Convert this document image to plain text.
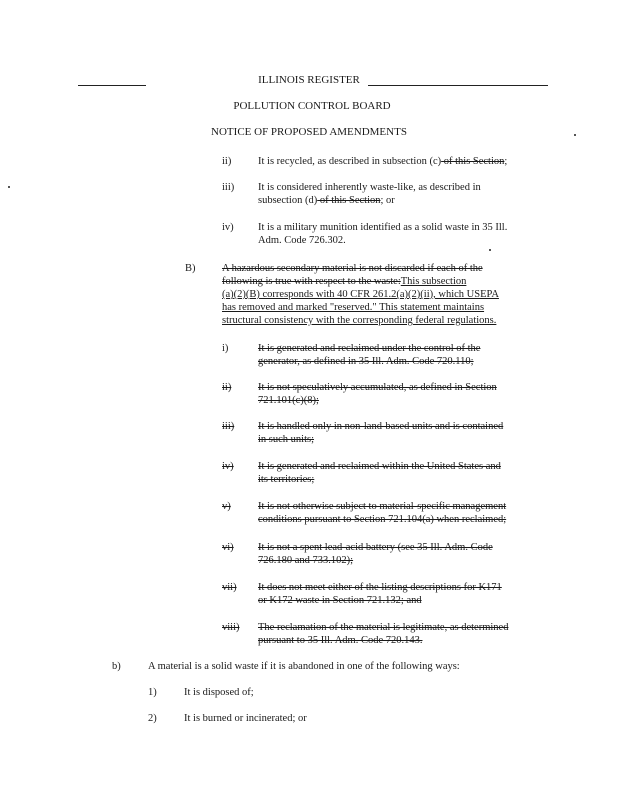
ILLINOIS REGISTER
POLLUTION CONTROL BOARD
NOTICE OF PROPOSED AMENDMENTS
ii)	It is recycled, as described in subsection (c) of this Section;
iii) It is considered inherently waste-like, as described in
subsection (d) of this Section; or
iv) It is a military munition identified as a solid waste in 35 Ill.
Adm. Code 726.302.
B)	A hazardous secondary material is not discarded if each of the
following is true with respect to the waste:This subsection
(a)(2)(B) corresponds with 40 CFR 261.2(a)(2)(ii), which USEPA
has removed and marked "reserved." This statement maintains
structural consistency with the corresponding federal regulations.
i)	It is generated and reclaimed under the control of the
generator, as defined in 35 Ill. Adm. Code 720.110;
ii)	It is not speculatively accumulated, as defined in Section
721.101(c)(8);
iii)	It is handled only in non-land-based units and is contained
in such units;
iv)	It is generated and reclaimed within the United States and
its territories;
v)	It is not otherwise subject to material-specific management
conditions pursuant to Section 721.104(a) when reclaimed;
vi)	It is not a spent lead-acid battery (see 35 Ill. Adm. Code
726.180 and 733.102);
vii)	It does not meet either of the listing descriptions for K171
or K172 waste in Section 721.132; and
viii)	The reclamation of the material is legitimate, as determined
pursuant to 35 Ill. Adm. Code 720.143.
b)	A material is a solid waste if it is abandoned in one of the following ways:
1)	It is disposed of;
2)	It is burned or incinerated; or
